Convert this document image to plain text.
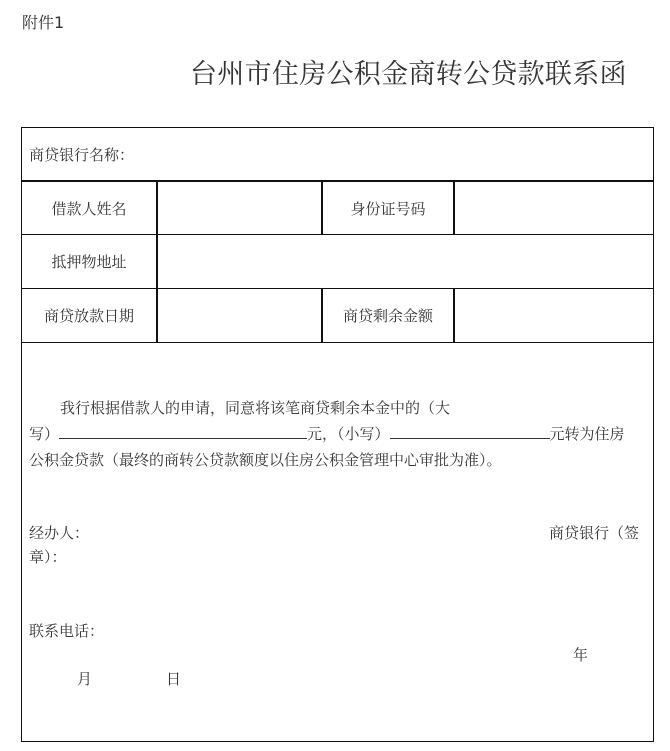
附件1
台州市住房公积金商转公贷款联系函
商贷银行名称：
借款人姓名	身份证号码
抵押物地址
商贷放款日期	商贷剩余金额
我行根据借款人的申请，同意将该笔商贷剩余本金中的（大
写）	元，（小写）	元转为住房
公积金贷款（最终的商转公贷款额度以住房公积金管理中心审批为准）。
经办人：	商贷银行（签
章）：
联系电话：
年
月	日
